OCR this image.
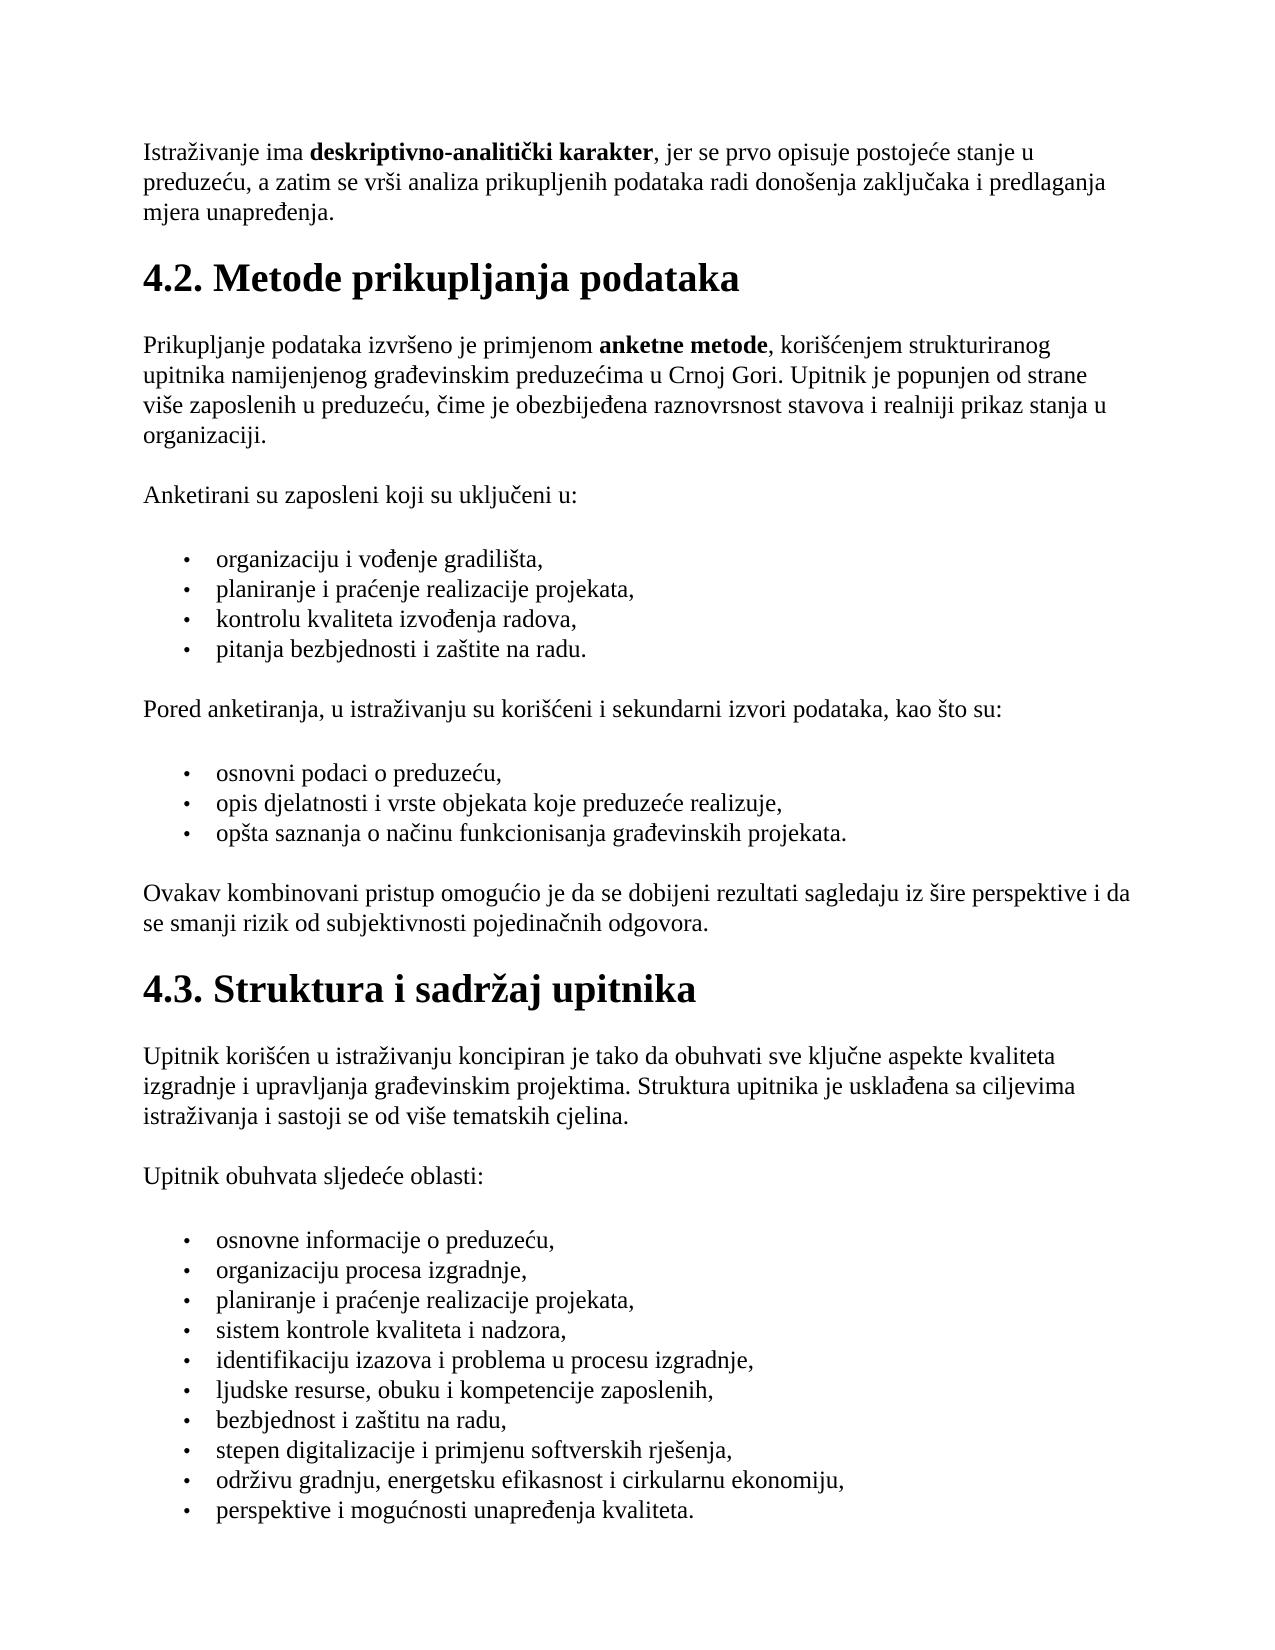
Istraživanje ima deskriptivno-analitički karakter, jer se prvo opisuje postojeće stanje u preduzeću, a zatim se vrši analiza prikupljenih podataka radi donošenja zaključaka i predlaganja mjera unapređenja.

4.2. Metode prikupljanja podataka

Prikupljanje podataka izvršeno je primjenom anketne metode, korišćenjem strukturiranog upitnika namijenjenog građevinskim preduzećima u Crnoj Gori. Upitnik je popunjen od strane više zaposlenih u preduzeću, čime je obezbijeđena raznovrsnost stavova i realniji prikaz stanja u organizaciji.

Anketirani su zaposleni koji su uključeni u:

• organizaciju i vođenje gradilišta,
• planiranje i praćenje realizacije projekata,
• kontrolu kvaliteta izvođenja radova,
• pitanja bezbjednosti i zaštite na radu.

Pored anketiranja, u istraživanju su korišćeni i sekundarni izvori podataka, kao što su:

• osnovni podaci o preduzeću,
• opis djelatnosti i vrste objekata koje preduzeće realizuje,
• opšta saznanja o načinu funkcionisanja građevinskih projekata.

Ovakav kombinovani pristup omogućio je da se dobijeni rezultati sagledaju iz šire perspektive i da se smanji rizik od subjektivnosti pojedinačnih odgovora.

4.3. Struktura i sadržaj upitnika

Upitnik korišćen u istraživanju koncipiran je tako da obuhvati sve ključne aspekte kvaliteta izgradnje i upravljanja građevinskim projektima. Struktura upitnika je usklađena sa ciljevima istraživanja i sastoji se od više tematskih cjelina.

Upitnik obuhvata sljedeće oblasti:

• osnovne informacije o preduzeću,
• organizaciju procesa izgradnje,
• planiranje i praćenje realizacije projekata,
• sistem kontrole kvaliteta i nadzora,
• identifikaciju izazova i problema u procesu izgradnje,
• ljudske resurse, obuku i kompetencije zaposlenih,
• bezbjednost i zaštitu na radu,
• stepen digitalizacije i primjenu softverskih rješenja,
• održivu gradnju, energetsku efikasnost i cirkularnu ekonomiju,
• perspektive i mogućnosti unapređenja kvaliteta.
